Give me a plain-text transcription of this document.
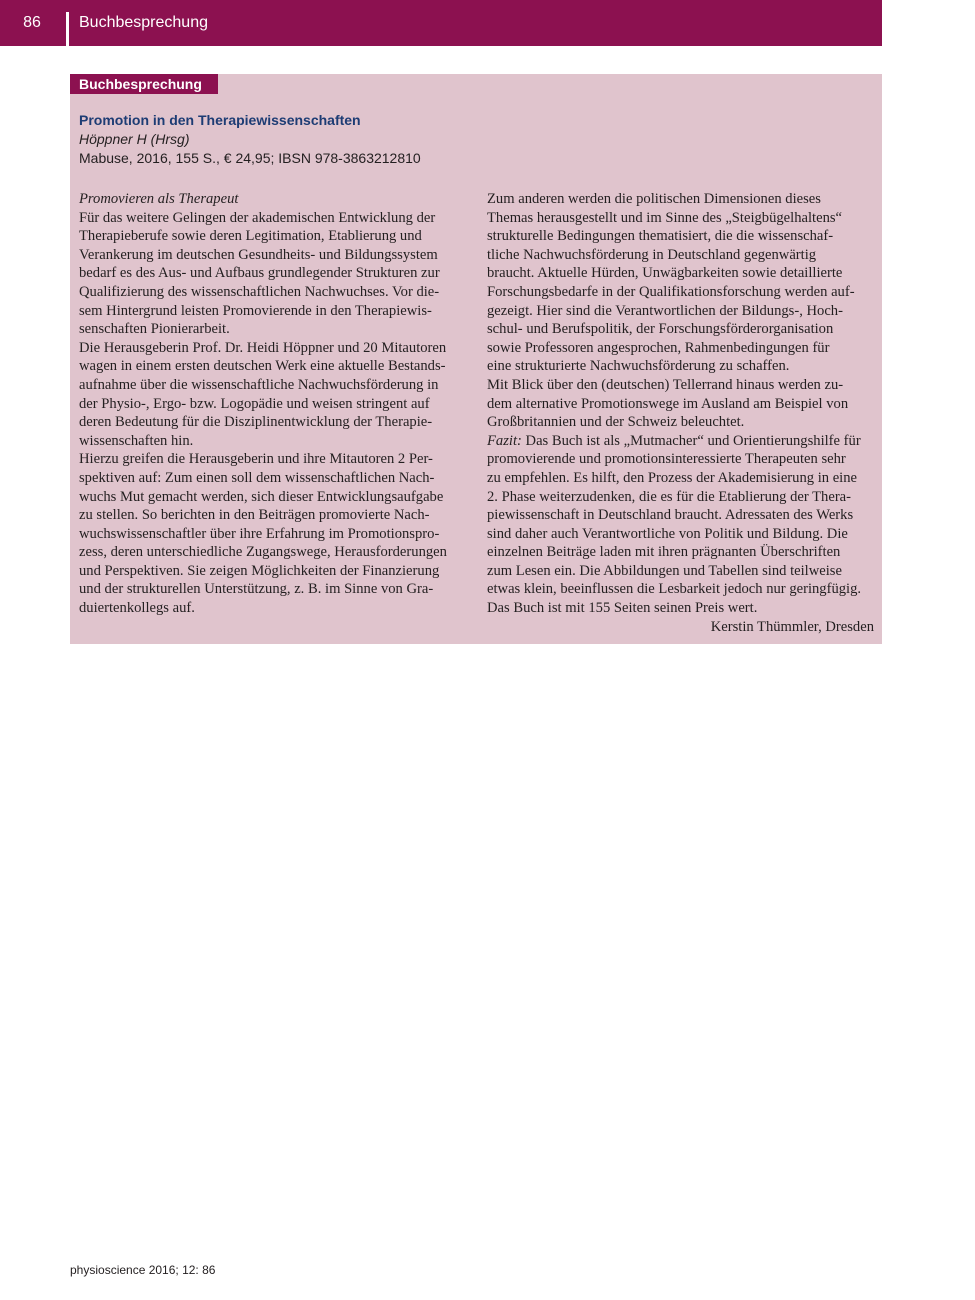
86	Buchbesprechung
Buchbesprechung
Promotion in den Therapiewissenschaften
Höppner H (Hrsg)
Mabuse, 2016, 155 S., € 24,95; IBSN 978-3863212810
Promovieren als Therapeut
Für das weitere Gelingen der akademischen Entwicklung der
Therapieberufe sowie deren Legitimation, Etablierung und
Verankerung im deutschen Gesundheits- und Bildungssystem
bedarf es des Aus- und Aufbaus grundlegender Strukturen zur
Qualifizierung des wissenschaftlichen Nachwuchses. Vor die-
sem Hintergrund leisten Promovierende in den Therapiewis-
senschaften Pionierarbeit.
Die Herausgeberin Prof. Dr. Heidi Höppner und 20 Mitautoren
wagen in einem ersten deutschen Werk eine aktuelle Bestands-
aufnahme über die wissenschaftliche Nachwuchsförderung in
der Physio-, Ergo- bzw. Logopädie und weisen stringent auf
deren Bedeutung für die Disziplinentwicklung der Therapie-
wissenschaften hin.
Hierzu greifen die Herausgeberin und ihre Mitautoren 2 Per-
spektiven auf: Zum einen soll dem wissenschaftlichen Nach-
wuchs Mut gemacht werden, sich dieser Entwicklungsaufgabe
zu stellen. So berichten in den Beiträgen promovierte Nach-
wuchswissenschaftler über ihre Erfahrung im Promotionspro-
zess, deren unterschiedliche Zugangswege, Herausforderungen
und Perspektiven. Sie zeigen Möglichkeiten der Finanzierung
und der strukturellen Unterstützung, z. B. im Sinne von Gra-
duiertenkollegs auf.
Zum anderen werden die politischen Dimensionen dieses
Themas herausgestellt und im Sinne des „Steigbügelhaltens“
strukturelle Bedingungen thematisiert, die die wissenschaf-
tliche Nachwuchsförderung in Deutschland gegenwärtig
braucht. Aktuelle Hürden, Unwägbarkeiten sowie detaillierte
Forschungsbedarfe in der Qualifikationsforschung werden auf-
gezeigt. Hier sind die Verantwortlichen der Bildungs-, Hoch-
schul- und Berufspolitik, der Forschungsförderorganisation
sowie Professoren angesprochen, Rahmenbedingungen für
eine strukturierte Nachwuchsförderung zu schaffen.
Mit Blick über den (deutschen) Tellerrand hinaus werden zu-
dem alternative Promotionswege im Ausland am Beispiel von
Großbritannien und der Schweiz beleuchtet.
Fazit: Das Buch ist als „Mutmacher“ und Orientierungshilfe für
promovierende und promotionsinteressierte Therapeuten sehr
zu empfehlen. Es hilft, den Prozess der Akademisierung in eine
2. Phase weiterzudenken, die es für die Etablierung der Thera-
piewissenschaft in Deutschland braucht. Adressaten des Werks
sind daher auch Verantwortliche von Politik und Bildung. Die
einzelnen Beiträge laden mit ihren prägnanten Überschriften
zum Lesen ein. Die Abbildungen und Tabellen sind teilweise
etwas klein, beeinflussen die Lesbarkeit jedoch nur geringfügig.
Das Buch ist mit 155 Seiten seinen Preis wert.
Kerstin Thümmler, Dresden
physioscience 2016; 12: 86
